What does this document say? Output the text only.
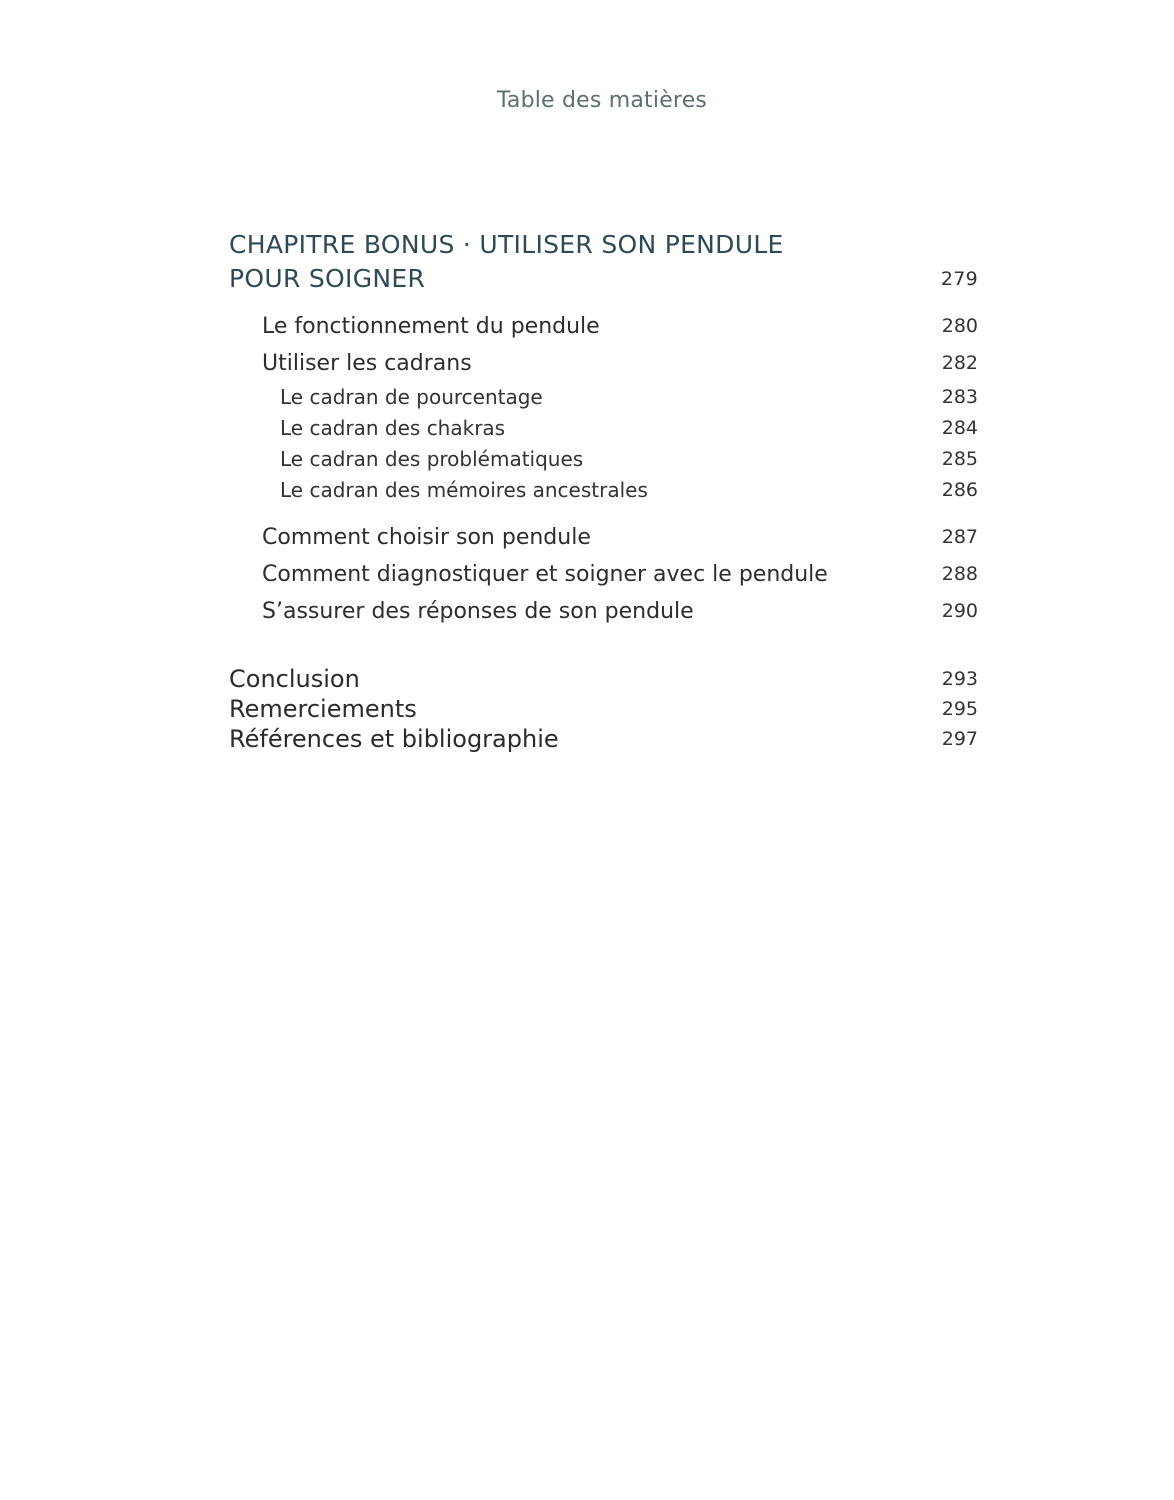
Table des matières
CHAPITRE BONUS · UTILISER SON PENDULE
POUR SOIGNER	279
Le fonctionnement du pendule	280
Utiliser les cadrans	282
Le cadran de pourcentage	283
Le cadran des chakras	284
Le cadran des problématiques	285
Le cadran des mémoires ancestrales	286
Comment choisir son pendule	287
Comment diagnostiquer et soigner avec le pendule	288
S’assurer des réponses de son pendule	290
Conclusion	293
Remerciements	295
Références et bibliographie	297
